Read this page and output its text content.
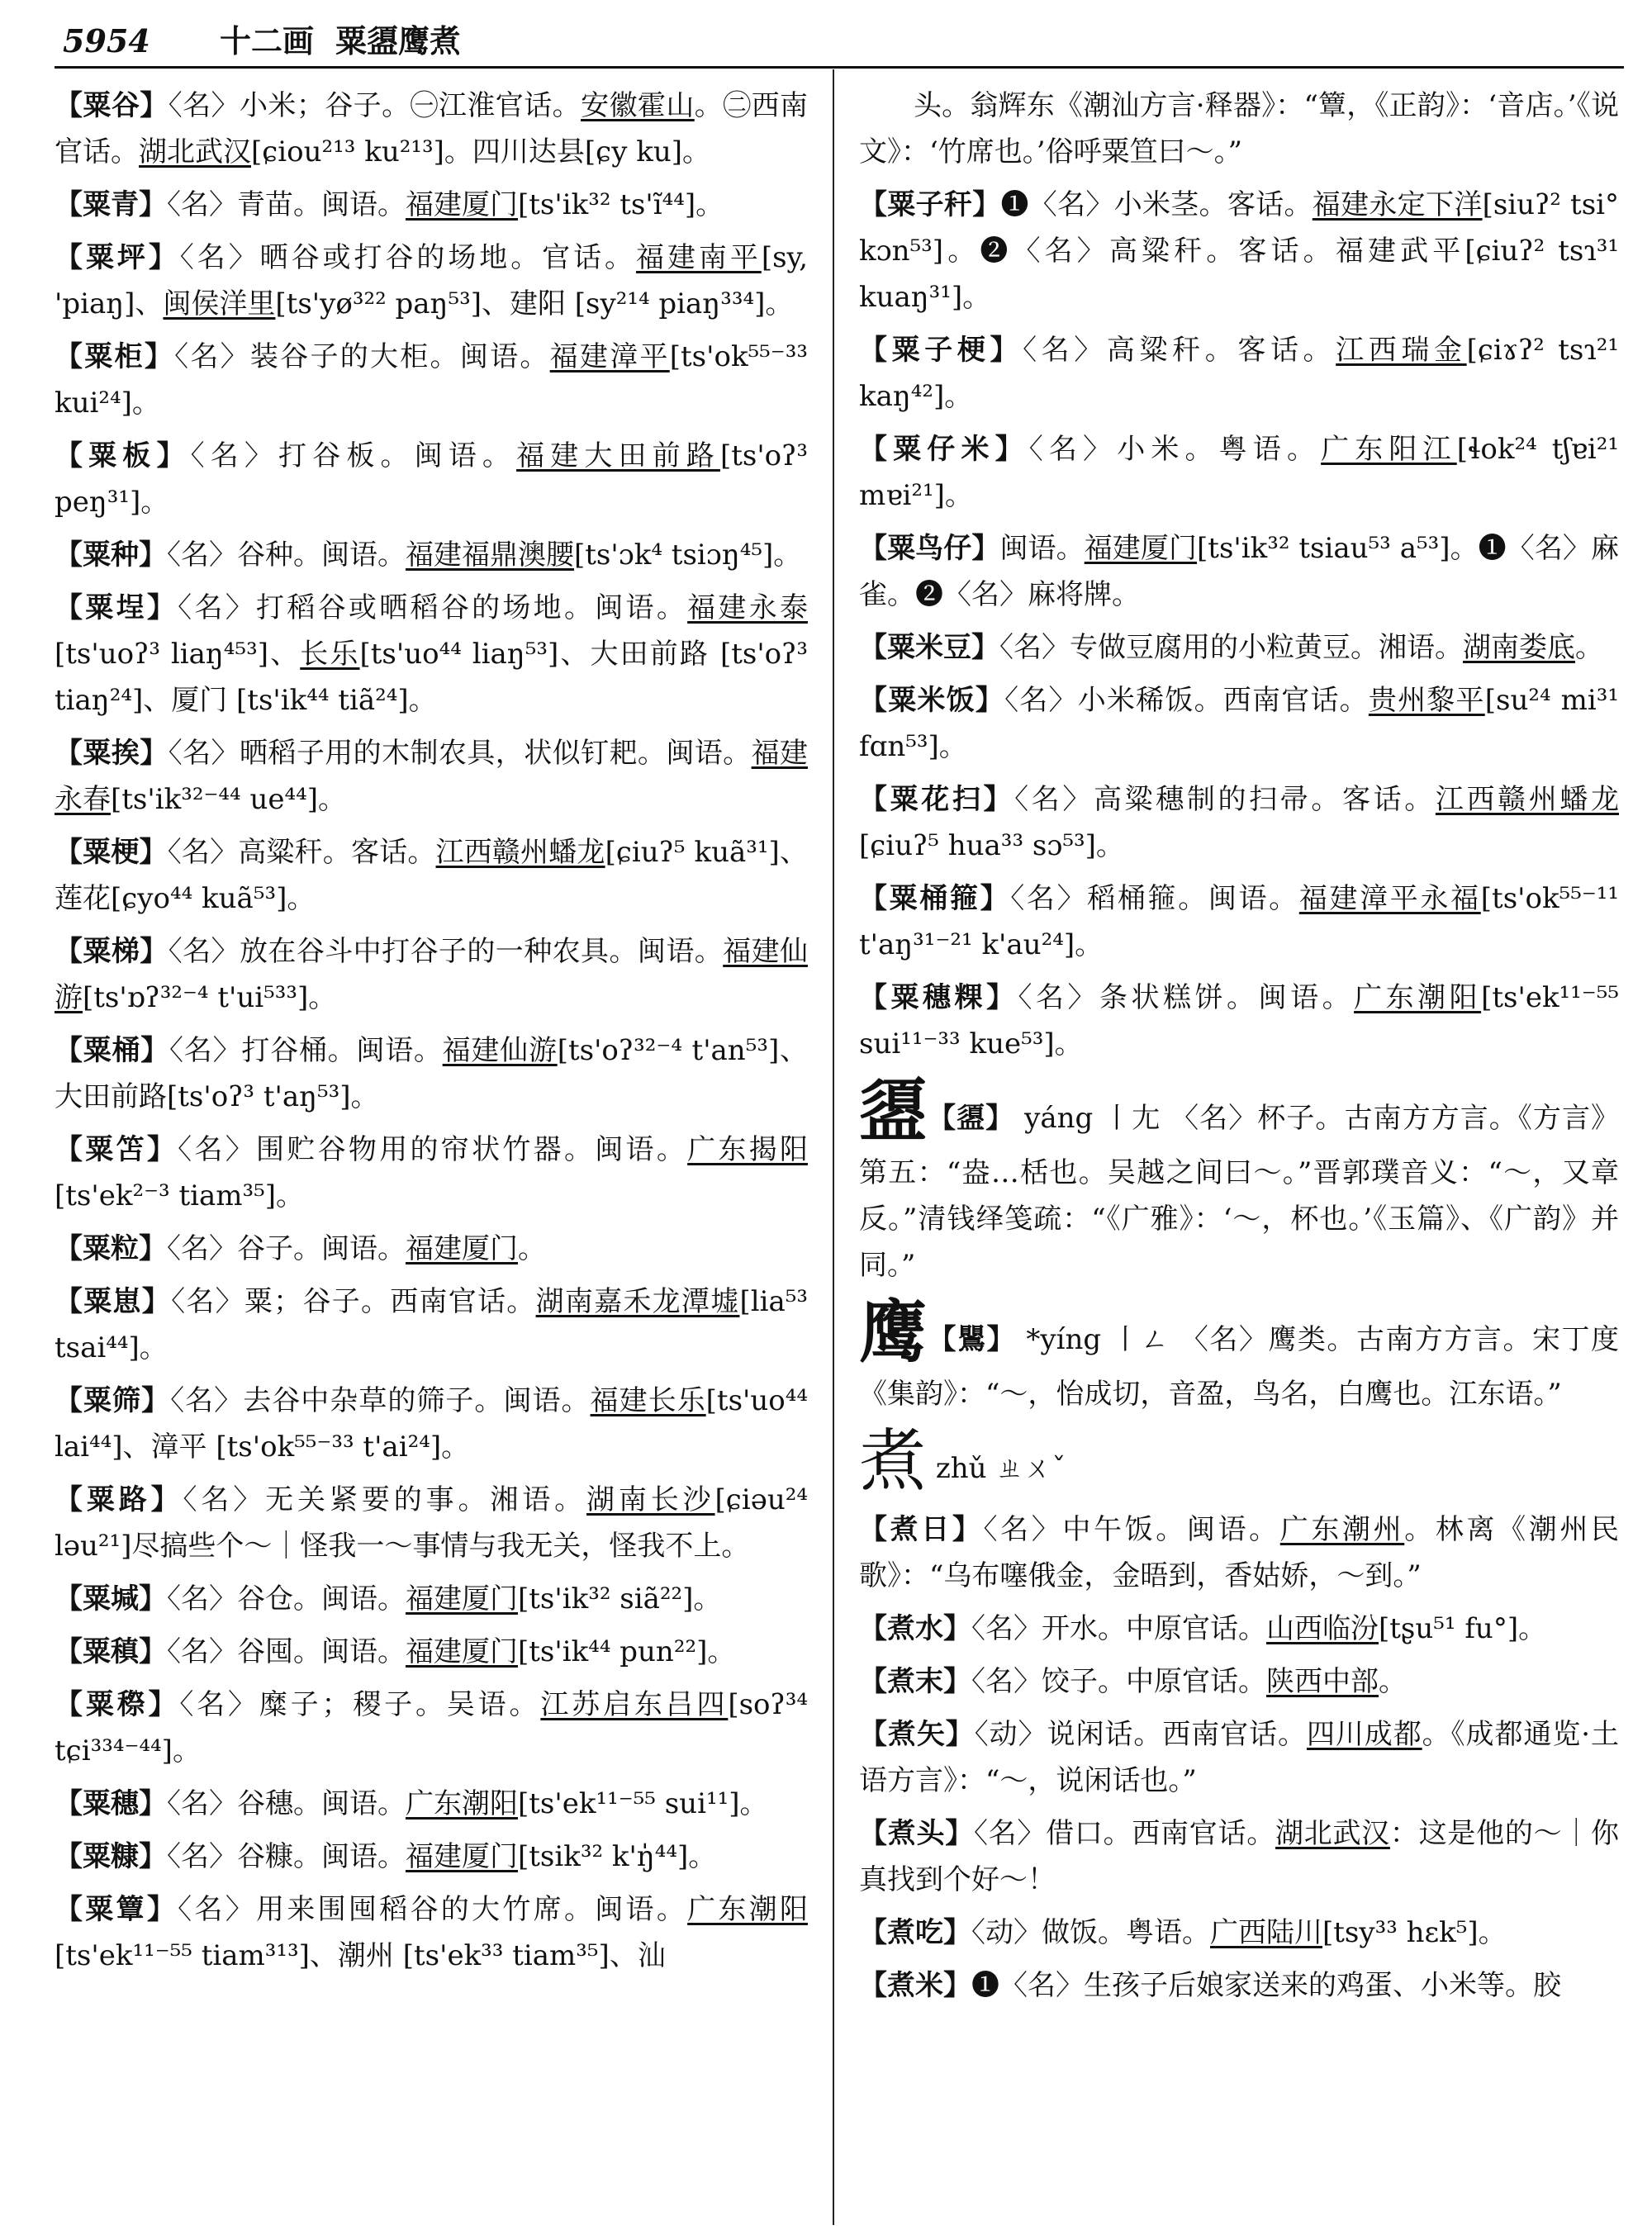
5954 十二画 粟盨鹰煮
【粟谷】〈名〉小米；谷子。㊀江淮官话。安徽霍山。㊁西南官话。湖北武汉[ɕiou²¹³ ku²¹³]。四川达县[ɕy ku]。
【粟青】〈名〉青苗。闽语。福建厦门[ts'ik³² ts'ĩ⁴⁴]。
【粟坪】〈名〉晒谷或打谷的场地。官话。福建南平[sy, 'piaŋ]、闽侯洋里[ts'yø³²² paŋ⁵³]、建阳 [sy²¹⁴ piaŋ³³⁴]。
【粟柜】〈名〉装谷子的大柜。闽语。福建漳平[ts'ok⁵⁵⁻³³ kui²⁴]。
【粟板】〈名〉打谷板。闽语。福建大田前路[ts'oʔ³ peŋ³¹]。
【粟种】〈名〉谷种。闽语。福建福鼎澳腰[ts'ɔk⁴ tsiɔŋ⁴⁵]。
【粟埕】〈名〉打稻谷或晒稻谷的场地。闽语。福建永泰[ts'uoʔ³ liaŋ⁴⁵³]、长乐[ts'uo⁴⁴ liaŋ⁵³]、大田前路 [ts'oʔ³ tiaŋ²⁴]、厦门 [ts'ik⁴⁴ tiã²⁴]。
【粟挨】〈名〉晒稻子用的木制农具，状似钉耙。闽语。福建永春[ts'ik³²⁻⁴⁴ ue⁴⁴]。
【粟梗】〈名〉高粱秆。客话。江西赣州蟠龙[ɕiuʔ⁵ kuã³¹]、莲花[ɕyo⁴⁴ kuã⁵³]。
【粟梯】〈名〉放在谷斗中打谷子的一种农具。闽语。福建仙游[ts'ɒʔ³²⁻⁴ t'ui⁵³³]。
【粟桶】〈名〉打谷桶。闽语。福建仙游[ts'oʔ³²⁻⁴ t'an⁵³]、大田前路[ts'oʔ³ t'aŋ⁵³]。
【粟笘】〈名〉围贮谷物用的帘状竹器。闽语。广东揭阳[ts'ek²⁻³ tiam³⁵]。
【粟粒】〈名〉谷子。闽语。福建厦门。
【粟崽】〈名〉粟；谷子。西南官话。湖南嘉禾龙潭墟[lia⁵³ tsai⁴⁴]。
【粟筛】〈名〉去谷中杂草的筛子。闽语。福建长乐[ts'uo⁴⁴ lai⁴⁴]、漳平 [ts'ok⁵⁵⁻³³ t'ai²⁴]。
【粟路】〈名〉无关紧要的事。湘语。湖南长沙[ɕiəu²⁴ ləu²¹]尽搞些个～｜怪我一～事情与我无关，怪我不上。
【粟堿】〈名〉谷仓。闽语。福建厦门[ts'ik³² siã²²]。
【粟稹】〈名〉谷囤。闽语。福建厦门[ts'ik⁴⁴ pun²²]。
【粟穄】〈名〉糜子；稷子。吴语。江苏启东吕四[soʔ³⁴ tɕi³³⁴⁻⁴⁴]。
【粟穗】〈名〉谷穗。闽语。广东潮阳[ts'ek¹¹⁻⁵⁵ sui¹¹]。
【粟糠】〈名〉谷糠。闽语。福建厦门[tsik³² k'ŋ̍⁴⁴]。
【粟簟】〈名〉用来围囤稻谷的大竹席。闽语。广东潮阳[ts'ek¹¹⁻⁵⁵ tiam³¹³]、潮州 [ts'ek³³ tiam³⁵]、汕
头。翁辉东《潮汕方言·释器》：“簟，《正韵》：‘音店。’《说文》：‘竹席也。’俗呼粟笪曰～。”
【粟子秆】❶〈名〉小米茎。客话。福建永定下洋[siuʔ² tsi° kɔn⁵³]。❷〈名〉高粱秆。客话。福建武平[ɕiuʔ² tsɿ³¹ kuaŋ³¹]。
【粟子梗】〈名〉高粱秆。客话。江西瑞金[ɕiɤʔ² tsɿ²¹ kaŋ⁴²]。
【粟仔米】〈名〉小米。粤语。广东阳江[ɬok²⁴ tʃɐi²¹ mɐi²¹]。
【粟鸟仔】闽语。福建厦门[ts'ik³² tsiau⁵³ a⁵³]。❶〈名〉麻雀。❷〈名〉麻将牌。
【粟米豆】〈名〉专做豆腐用的小粒黄豆。湘语。湖南娄底。
【粟米饭】〈名〉小米稀饭。西南官话。贵州黎平[su²⁴ mi³¹ fɑn⁵³]。
【粟花扫】〈名〉高粱穗制的扫帚。客话。江西赣州蟠龙[ɕiuʔ⁵ hua³³ sɔ⁵³]。
【粟桶箍】〈名〉稻桶箍。闽语。福建漳平永福[ts'ok⁵⁵⁻¹¹ t'aŋ³¹⁻²¹ k'au²⁴]。
【粟穗粿】〈名〉条状糕饼。闽语。广东潮阳[ts'ek¹¹⁻⁵⁵ sui¹¹⁻³³ kue⁵³]。
盨【盨】 yáng 丨尢 〈名〉杯子。古南方方言。《方言》第五：“盎…栝也。吴越之间曰～。”晋郭璞音义：“～，又章反。”清钱绎笺疏：“《广雅》：‘～，杯也。’《玉篇》、《广韵》并同。”
鹰【鸎】 *yíng 丨ㄥ 〈名〉鹰类。古南方方言。宋丁度《集韵》：“～，怡成切，音盈，鸟名，白鹰也。江东语。”
煮 zhǔ ㄓㄨˇ
【煮日】〈名〉中午饭。闽语。广东潮州。林离《潮州民歌》：“乌布噻俄金，金晤到，香姑娇，～到。”
【煮水】〈名〉开水。中原官话。山西临汾[tʂu⁵¹ fu°]。
【煮末】〈名〉饺子。中原官话。陕西中部。
【煮矢】〈动〉说闲话。西南官话。四川成都。《成都通览·土语方言》：“～，说闲话也。”
【煮头】〈名〉借口。西南官话。湖北武汉：这是他的～｜你真找到个好～！
【煮吃】〈动〉做饭。粤语。广西陆川[tsy³³ hɛk⁵]。
【煮米】❶〈名〉生孩子后娘家送来的鸡蛋、小米等。胶
